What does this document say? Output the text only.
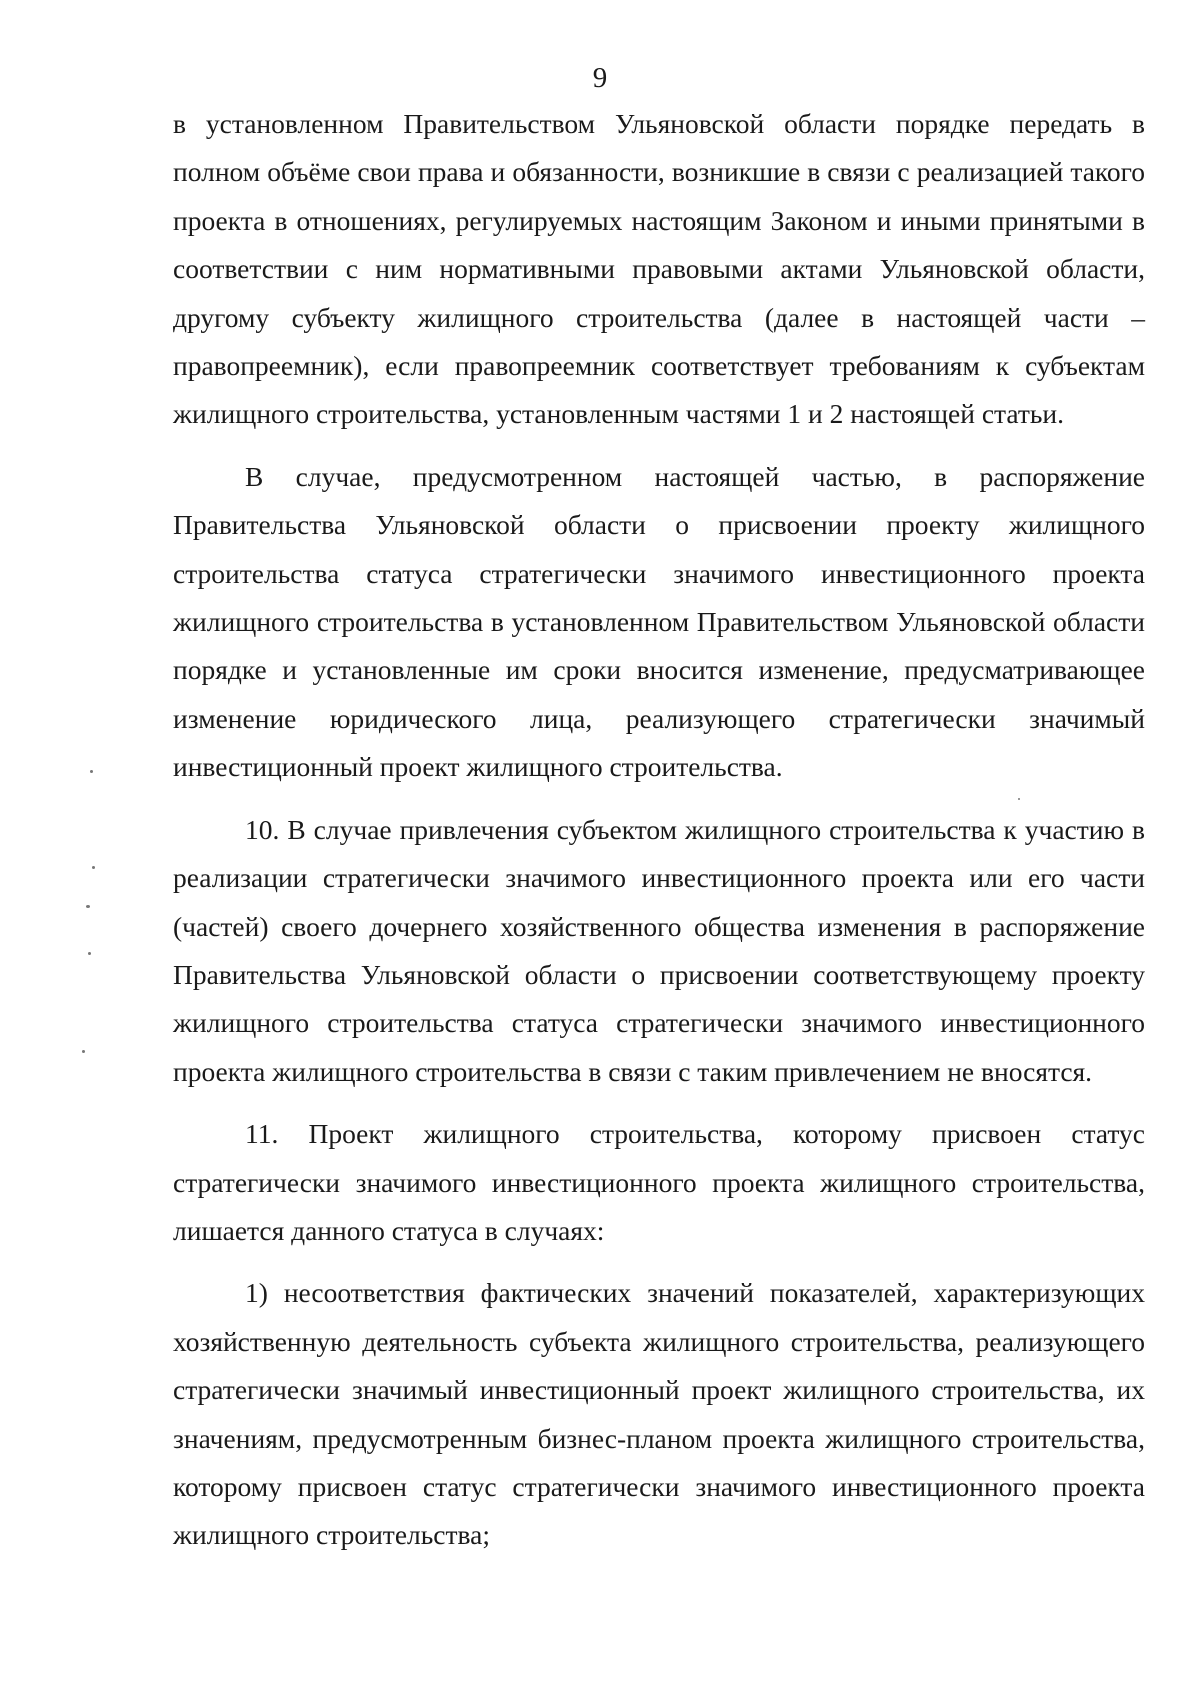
9

в установленном Правительством Ульяновской области порядке передать в полном объёме свои права и обязанности, возникшие в связи с реализацией такого проекта в отношениях, регулируемых настоящим Законом и иными принятыми в соответствии с ним нормативными правовыми актами Ульяновской области, другому субъекту жилищного строительства (далее в настоящей части – правопреемник), если правопреемник соответствует требованиям к субъектам жилищного строительства, установленным частями 1 и 2 настоящей статьи.

В случае, предусмотренном настоящей частью, в распоряжение Правительства Ульяновской области о присвоении проекту жилищного строительства статуса стратегически значимого инвестиционного проекта жилищного строительства в установленном Правительством Ульяновской области порядке и установленные им сроки вносится изменение, предусматривающее изменение юридического лица, реализующего стратегически значимый инвестиционный проект жилищного строительства.

10. В случае привлечения субъектом жилищного строительства к участию в реализации стратегически значимого инвестиционного проекта или его части (частей) своего дочернего хозяйственного общества изменения в распоряжение Правительства Ульяновской области о присвоении соответствующему проекту жилищного строительства статуса стратегически значимого инвестиционного проекта жилищного строительства в связи с таким привлечением не вносятся.

11. Проект жилищного строительства, которому присвоен статус стратегически значимого инвестиционного проекта жилищного строительства, лишается данного статуса в случаях:

1) несоответствия фактических значений показателей, характеризующих хозяйственную деятельность субъекта жилищного строительства, реализующего стратегически значимый инвестиционный проект жилищного строительства, их значениям, предусмотренным бизнес-планом проекта жилищного строительства, которому присвоен статус стратегически значимого инвестиционного проекта жилищного строительства;
